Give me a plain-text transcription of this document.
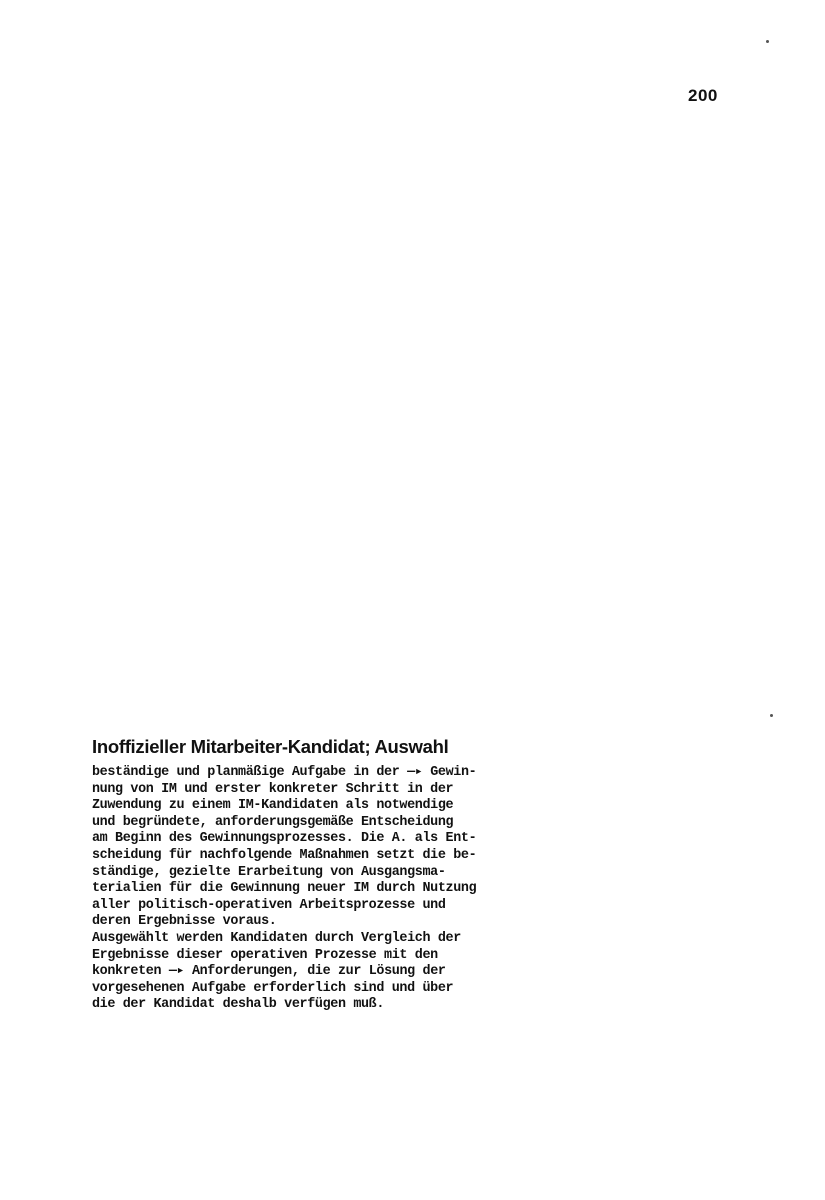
200
Inoffizieller Mitarbeiter-Kandidat; Auswahl
beständige und planmäßige Aufgabe in der —▸ Gewin-
nung von IM und erster konkreter Schritt in der
Zuwendung zu einem IM-Kandidaten als notwendige
und begründete, anforderungsgemäße Entscheidung
am Beginn des Gewinnungsprozesses. Die A. als Ent-
scheidung für nachfolgende Maßnahmen setzt die be-
ständige, gezielte Erarbeitung von Ausgangsma-
terialien für die Gewinnung neuer IM durch Nutzung
aller politisch-operativen Arbeitsprozesse und
deren Ergebnisse voraus.
Ausgewählt werden Kandidaten durch Vergleich der
Ergebnisse dieser operativen Prozesse mit den
konkreten —▸ Anforderungen, die zur Lösung der
vorgesehenen Aufgabe erforderlich sind und über
die der Kandidat deshalb verfügen muß.
